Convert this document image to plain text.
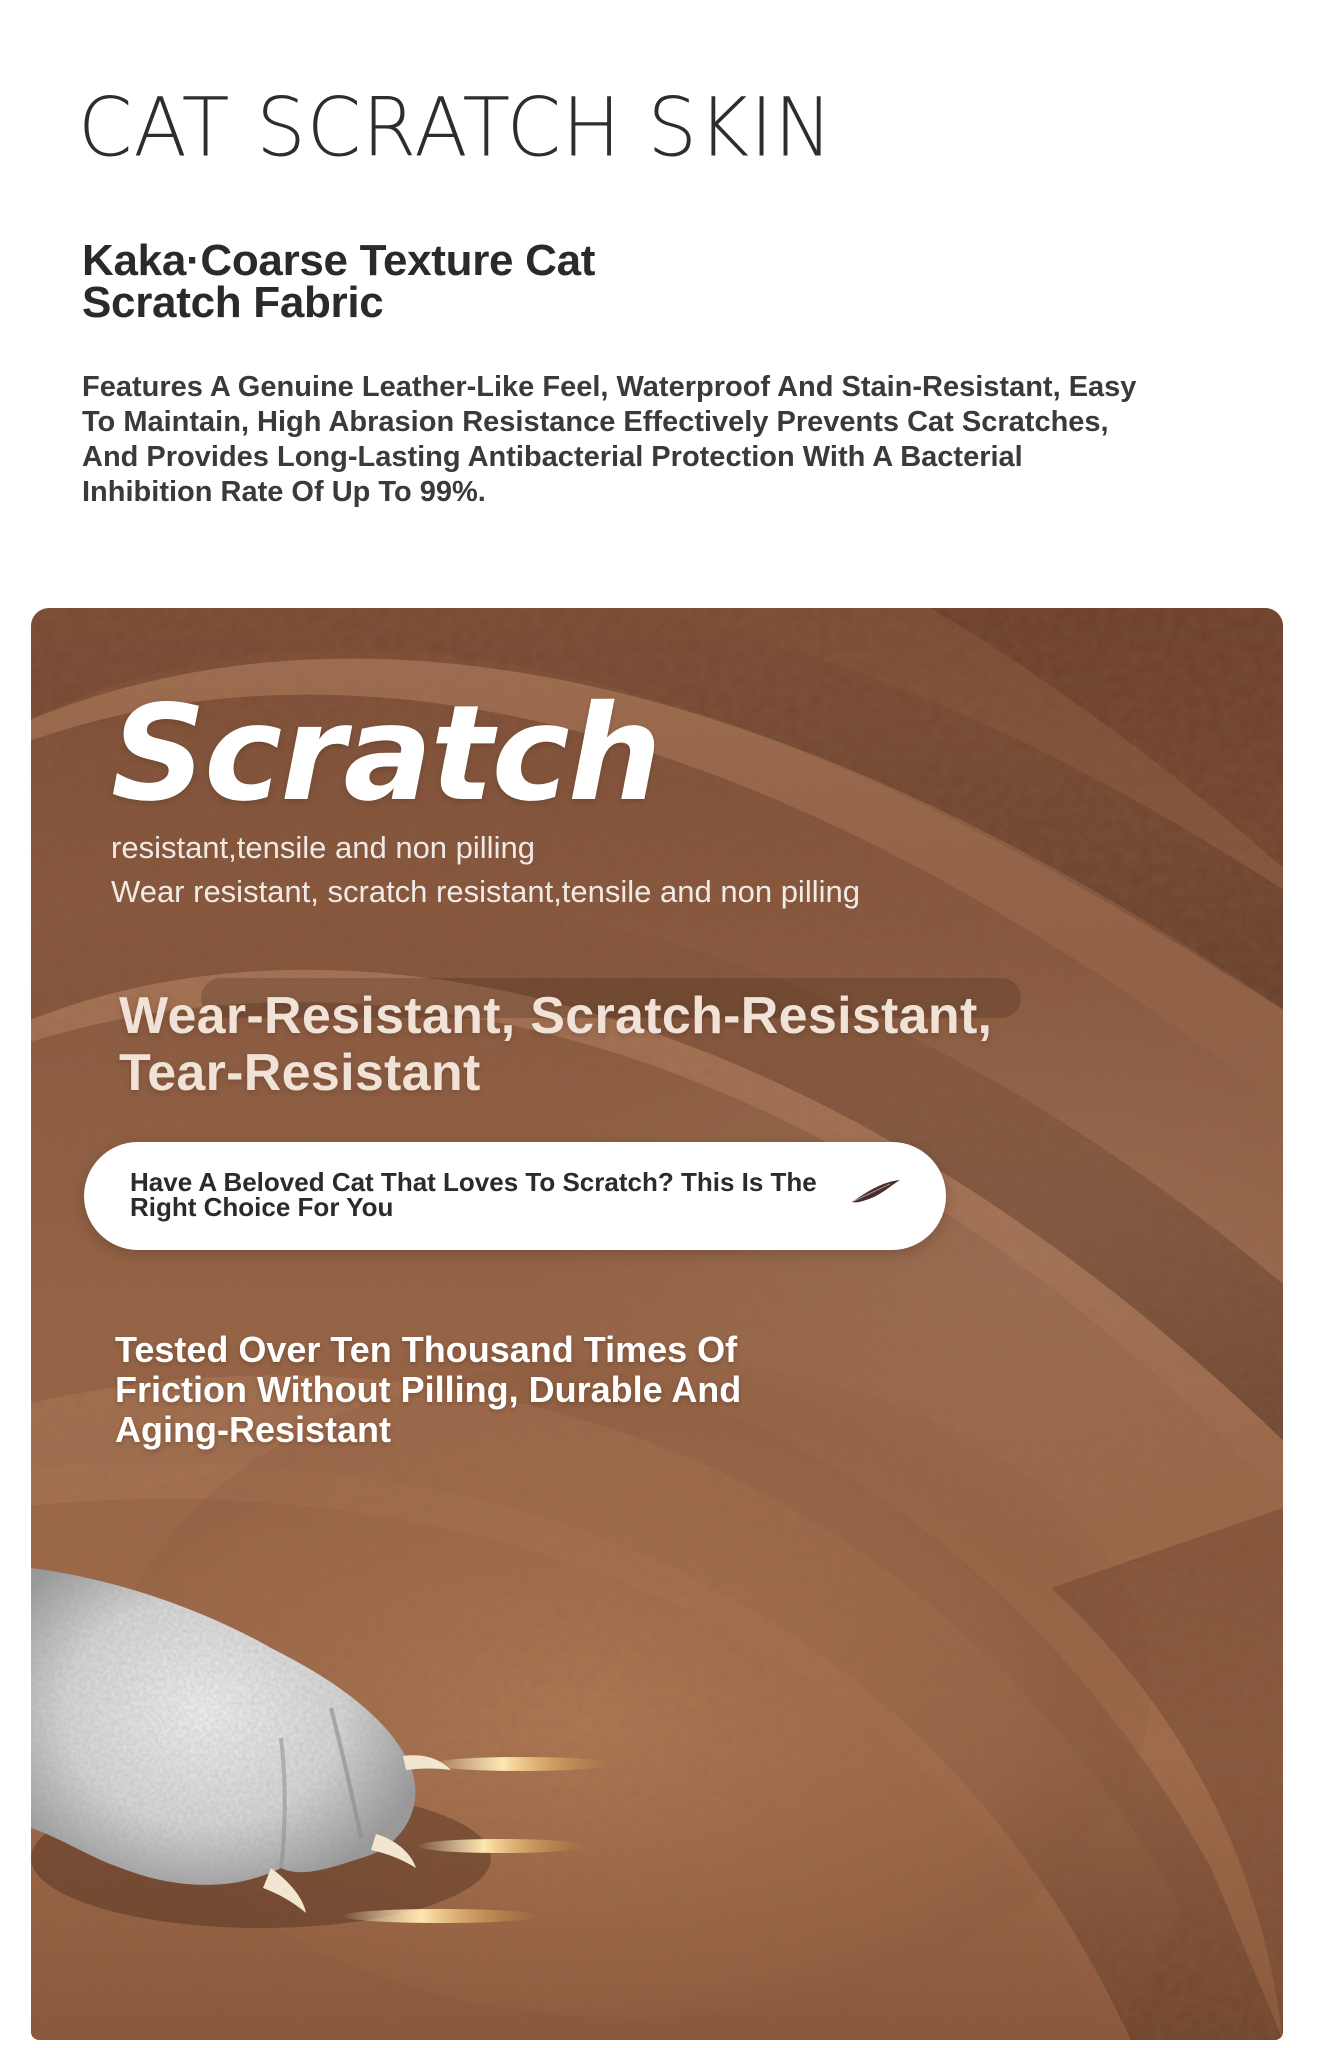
CAT SCRATCH SKIN
Kaka·Coarse Texture Cat Scratch Fabric

Features A Genuine Leather-Like Feel, Waterproof And Stain-Resistant, Easy To Maintain, High Abrasion Resistance Effectively Prevents Cat Scratches, And Provides Long-Lasting Antibacterial Protection With A Bacterial Inhibition Rate Of Up To 99%.

Scratch

resistant,tensile and non pilling

Wear resistant, scratch resistant,tensile and non pilling

Wear-Resistant, Scratch-Resistant, Tear-Resistant

Have A Beloved Cat That Loves To Scratch? This Is The Right Choice For You

Tested Over Ten Thousand Times Of Friction Without Pilling, Durable And Aging-Resistant
